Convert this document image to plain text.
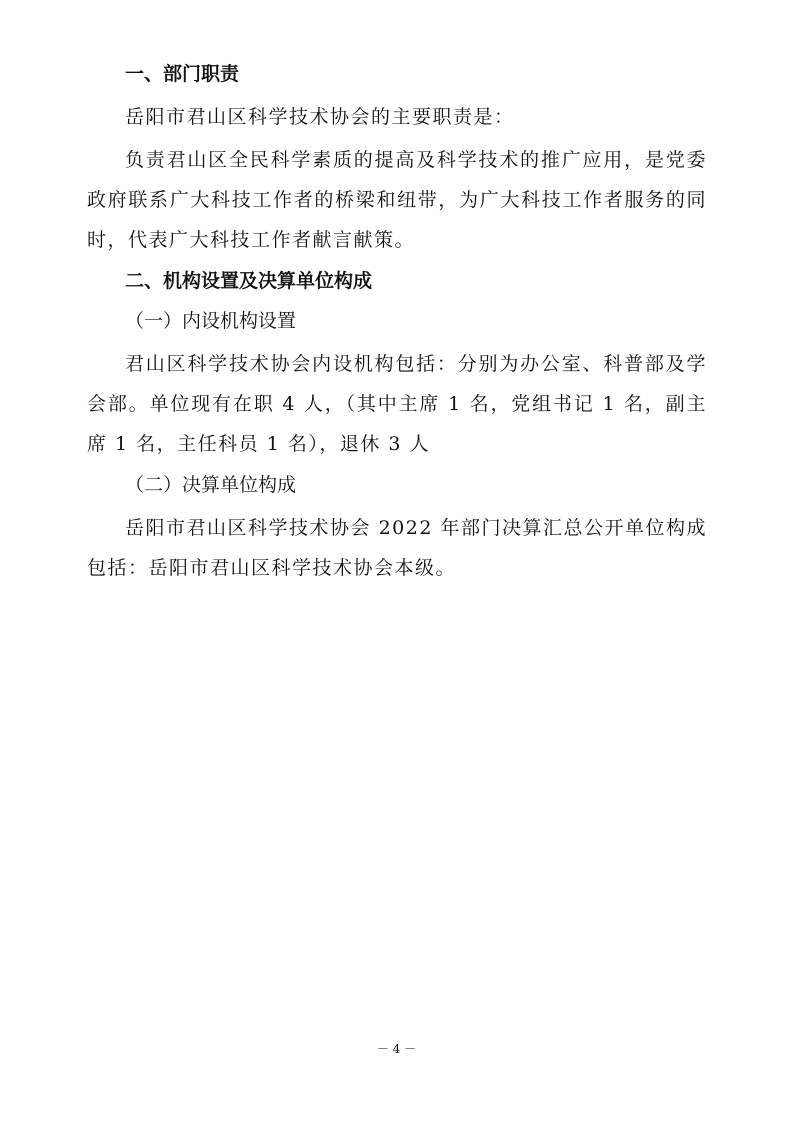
一、部门职责

岳阳市君山区科学技术协会的主要职责是：

负责君山区全民科学素质的提高及科学技术的推广应用，是党委政府联系广大科技工作者的桥梁和纽带，为广大科技工作者服务的同时，代表广大科技工作者献言献策。

二、机构设置及决算单位构成

（一）内设机构设置

君山区科学技术协会内设机构包括：分别为办公室、科普部及学会部。单位现有在职 4 人，（其中主席 1 名，党组书记 1 名，副主席 1 名，主任科员 1 名），退休 3 人

（二）决算单位构成

岳阳市君山区科学技术协会 2022 年部门决算汇总公开单位构成包括：岳阳市君山区科学技术协会本级。

－ 4 －
